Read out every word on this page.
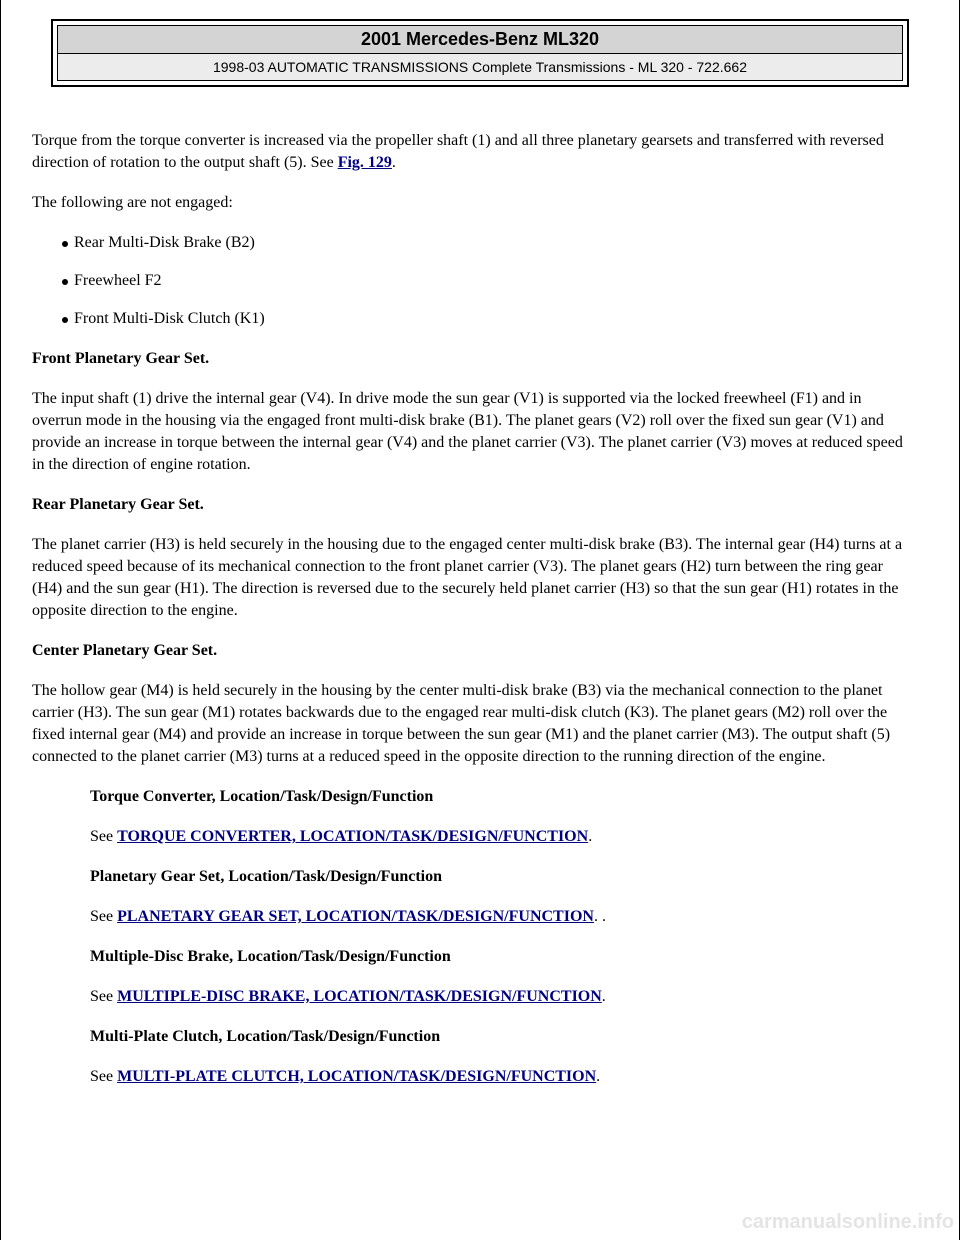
2001 Mercedes-Benz ML320
1998-03 AUTOMATIC TRANSMISSIONS Complete Transmissions - ML 320 - 722.662

Torque from the torque converter is increased via the propeller shaft (1) and all three planetary gearsets and transferred with reversed direction of rotation to the output shaft (5). See Fig. 129.

The following are not engaged:

Rear Multi-Disk Brake (B2)
Freewheel F2
Front Multi-Disk Clutch (K1)

Front Planetary Gear Set.

The input shaft (1) drive the internal gear (V4). In drive mode the sun gear (V1) is supported via the locked freewheel (F1) and in overrun mode in the housing via the engaged front multi-disk brake (B1). The planet gears (V2) roll over the fixed sun gear (V1) and provide an increase in torque between the internal gear (V4) and the planet carrier (V3). The planet carrier (V3) moves at reduced speed in the direction of engine rotation.

Rear Planetary Gear Set.

The planet carrier (H3) is held securely in the housing due to the engaged center multi-disk brake (B3). The internal gear (H4) turns at a reduced speed because of its mechanical connection to the front planet carrier (V3). The planet gears (H2) turn between the ring gear (H4) and the sun gear (H1). The direction is reversed due to the securely held planet carrier (H3) so that the sun gear (H1) rotates in the opposite direction to the engine.

Center Planetary Gear Set.

The hollow gear (M4) is held securely in the housing by the center multi-disk brake (B3) via the mechanical connection to the planet carrier (H3). The sun gear (M1) rotates backwards due to the engaged rear multi-disk clutch (K3). The planet gears (M2) roll over the fixed internal gear (M4) and provide an increase in torque between the sun gear (M1) and the planet carrier (M3). The output shaft (5) connected to the planet carrier (M3) turns at a reduced speed in the opposite direction to the running direction of the engine.

Torque Converter, Location/Task/Design/Function

See TORQUE CONVERTER, LOCATION/TASK/DESIGN/FUNCTION.

Planetary Gear Set, Location/Task/Design/Function

See PLANETARY GEAR SET, LOCATION/TASK/DESIGN/FUNCTION. .

Multiple-Disc Brake, Location/Task/Design/Function

See MULTIPLE-DISC BRAKE, LOCATION/TASK/DESIGN/FUNCTION.

Multi-Plate Clutch, Location/Task/Design/Function

See MULTI-PLATE CLUTCH, LOCATION/TASK/DESIGN/FUNCTION.

carmanualsonline.info
